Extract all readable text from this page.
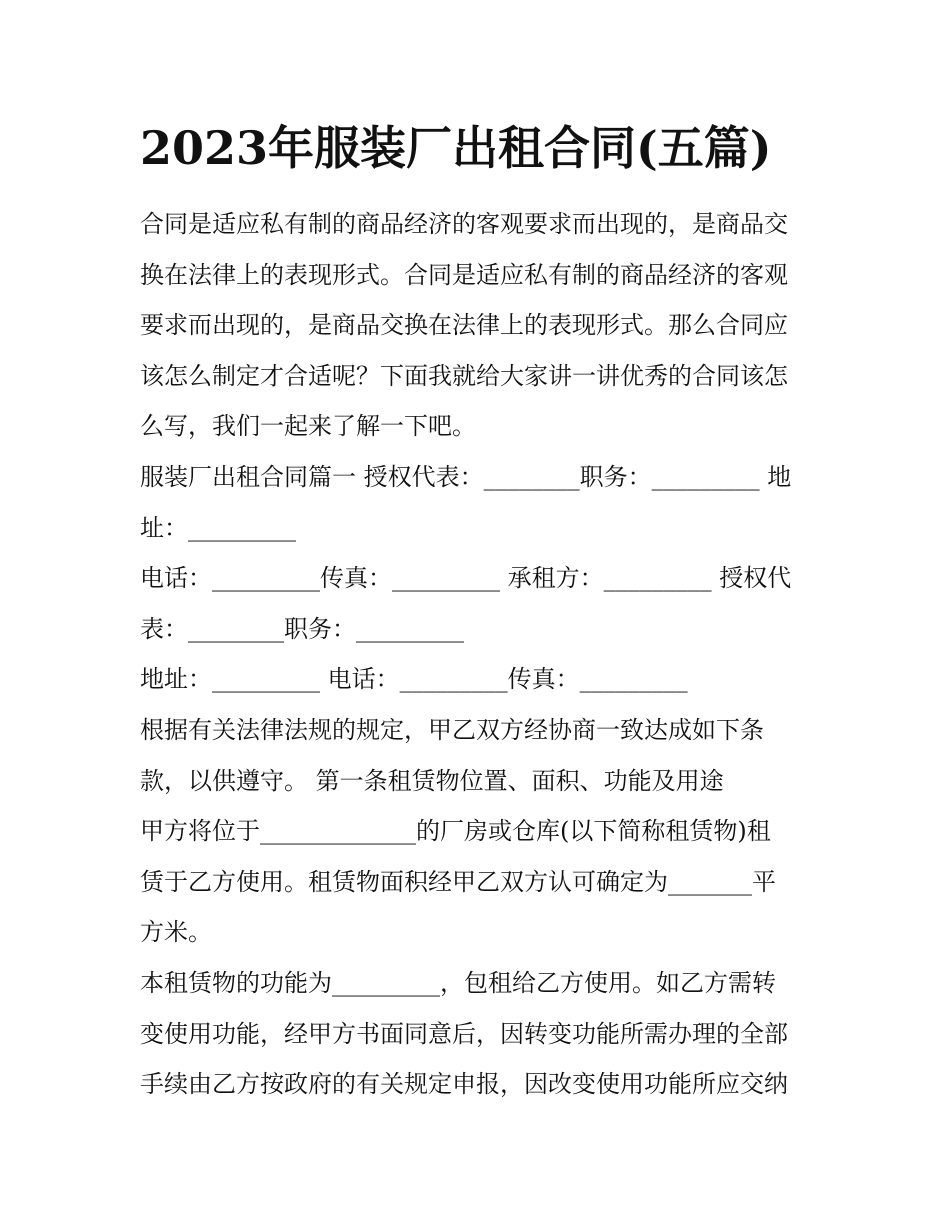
2023年服装厂出租合同(五篇)
合同是适应私有制的商品经济的客观要求而出现的，是商品交
换在法律上的表现形式。合同是适应私有制的商品经济的客观
要求而出现的，是商品交换在法律上的表现形式。那么合同应
该怎么制定才合适呢？下面我就给大家讲一讲优秀的合同该怎
么写，我们一起来了解一下吧。
服装厂出租合同篇一 授权代表：________职务：_________ 地
址：_________
电话：_________传真：_________ 承租方：_________ 授权代
表：________职务：_________
地址：_________ 电话：_________传真：_________
根据有关法律法规的规定，甲乙双方经协商一致达成如下条
款，以供遵守。 第一条租赁物位置、面积、功能及用途
甲方将位于_____________的厂房或仓库(以下简称租赁物)租
赁于乙方使用。租赁物面积经甲乙双方认可确定为_______平
方米。
本租赁物的功能为_________，包租给乙方使用。如乙方需转
变使用功能，经甲方书面同意后，因转变功能所需办理的全部
手续由乙方按政府的有关规定申报，因改变使用功能所应交纳
